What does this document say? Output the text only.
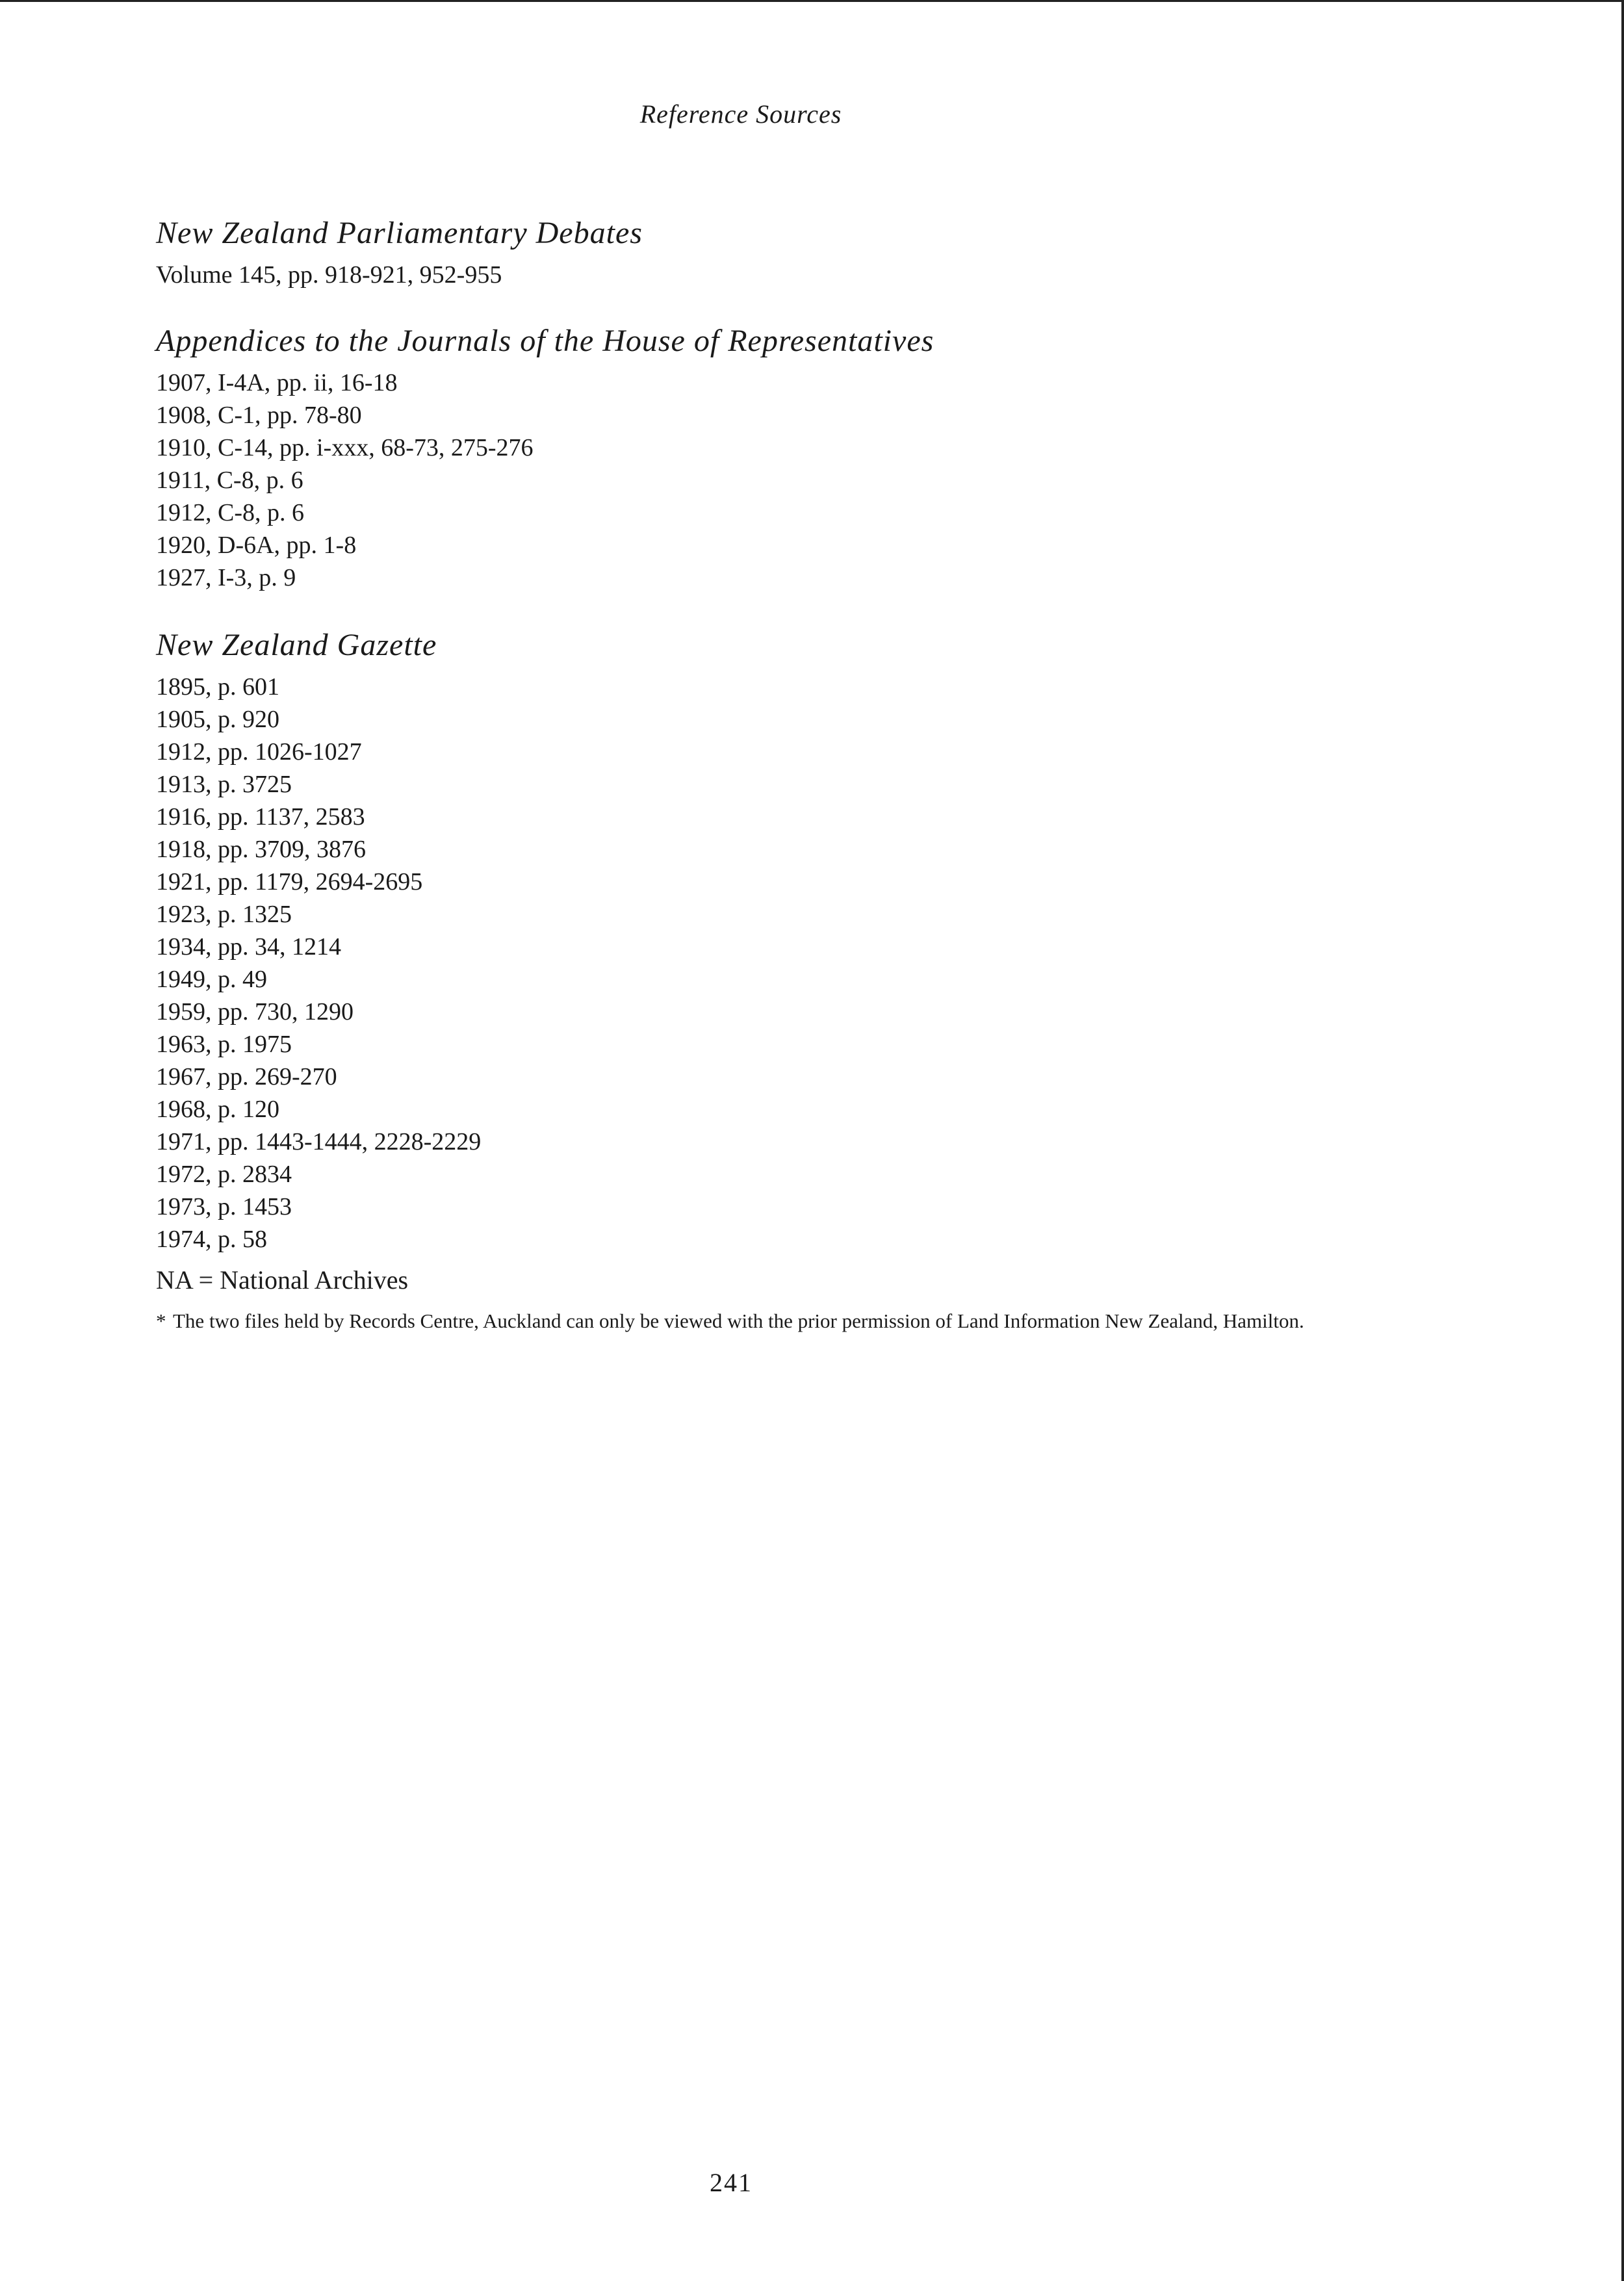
Reference Sources
New Zealand Parliamentary Debates

Volume 145, pp. 918-921, 952-955

Appendices to the Journals of the House of Representatives

1907, I-4A, pp. ii, 16-18

1908, C-1, pp. 78-80

1910, C-14, pp. i-xxx, 68-73, 275-276

1911, C-8, p. 6

1912, C-8, p. 6

1920, D-6A, pp. 1-8

1927, I-3, p. 9

New Zealand Gazette

1895, p. 601

1905, p. 920

1912, pp. 1026-1027

1913, p. 3725

1916, pp. 1137, 2583

1918, pp. 3709, 3876

1921, pp. 1179, 2694-2695

1923, p. 1325

1934, pp. 34, 1214

1949, p. 49

1959, pp. 730, 1290

1963, p. 1975

1967, pp. 269-270

1968, p. 120

1971, pp. 1443-1444, 2228-2229

1972, p. 2834

1973, p. 1453

1974, p. 58

NA = National Archives

* The two files held by Records Centre, Auckland can only be viewed with the prior permission of Land Information New Zealand, Hamilton.
241
